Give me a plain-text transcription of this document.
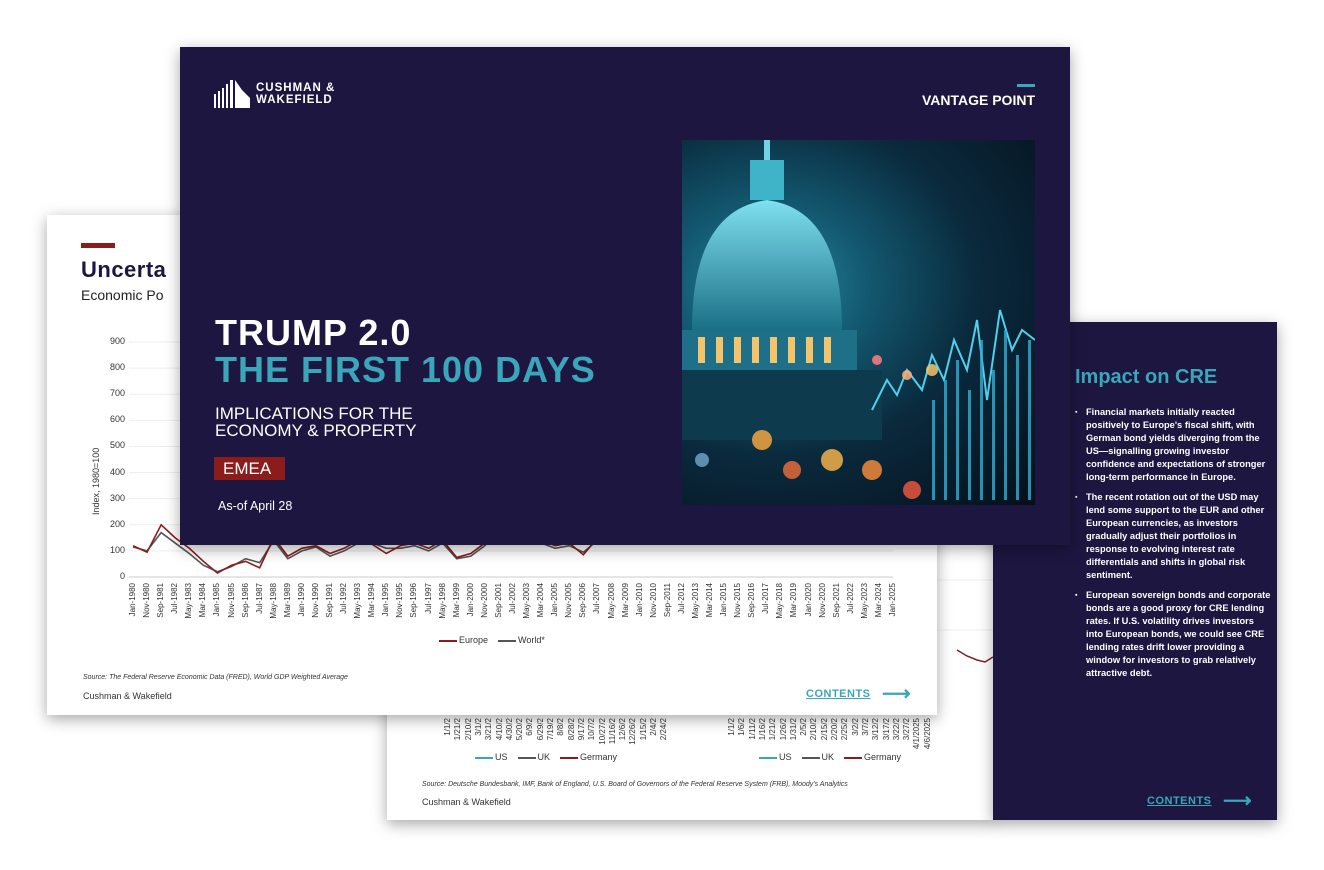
1/1/2 1/21/2 2/10/2 3/1/2 3/21/2 4/10/2 4/30/2 5/20/2 6/9/2 6/29/2 7/19/2 8/8/2 8/28/2 9/17/2 10/7/2 10/27/2 11/16/2 12/6/2 12/26/2 1/15/2 2/4/2 2/24/2	1/1/2 1/6/2 1/11/2 1/16/2 1/21/2 1/26/2 1/31/2 2/5/2 2/10/2 2/15/2 2/20/2 2/25/2 3/2/2 3/7/2 3/12/2 3/17/2 3/22/2 3/27/2 4/1/2025 4/6/2025
US	UK	Germany	US	UK	Germany
Source: Deutsche Bundesbank, IMF, Bank of England, U.S. Board of Governors of the Federal Reserve System (FRB), Moody's Analytics
Cushman & Wakefield
Uncerta
Economic Po
Index, 1980=100
0
100
200
300
400
500
600
700
800
900
Jan-1980 Nov-1980 Sep-1981 Jul-1982 May-1983 Mar-1984 Jan-1985 Nov-1985 Sep-1986 Jul-1987 May-1988 Mar-1989 Jan-1990 Nov-1990 Sep-1991 Jul-1992 May-1993 Mar-1994 Jan-1995 Nov-1995 Sep-1996 Jul-1997 May-1998 Mar-1999 Jan-2000 Nov-2000 Sep-2001 Jul-2002 May-2003 Mar-2004 Jan-2005 Nov-2005 Sep-2006 Jul-2007 May-2008 Mar-2009 Jan-2010 Nov-2010 Sep-2011 Jul-2012 May-2013 Mar-2014 Jan-2015 Nov-2015 Sep-2016 Jul-2017 May-2018 Mar-2019 Jan-2020 Nov-2020 Sep-2021 Jul-2022 May-2023 Mar-2024 Jan-2025
Europe	World*
Source: The Federal Reserve Economic Data (FRED), World GDP Weighted Average
Cushman & Wakefield	CONTENTS ⟶
Impact on CRE
▪ Financial markets initially reacted positively to Europe's fiscal shift, with German bond yields diverging from the US—signalling growing investor confidence and expectations of stronger long-term performance in Europe.
▪ The recent rotation out of the USD may lend some support to the EUR and other European currencies, as investors gradually adjust their portfolios in response to evolving interest rate differentials and shifts in global risk sentiment.
▪ European sovereign bonds and corporate bonds are a good proxy for CRE lending rates. If U.S. volatility drives investors into European bonds, we could see CRE lending rates drift lower providing a window for investors to grab relatively attractive debt.
CONTENTS ⟶
CUSHMAN &
WAKEFIELD	VANTAGE POINT
TRUMP 2.0
THE FIRST 100 DAYS
IMPLICATIONS FOR THE ECONOMY & PROPERTY
EMEA
As-of April 28
